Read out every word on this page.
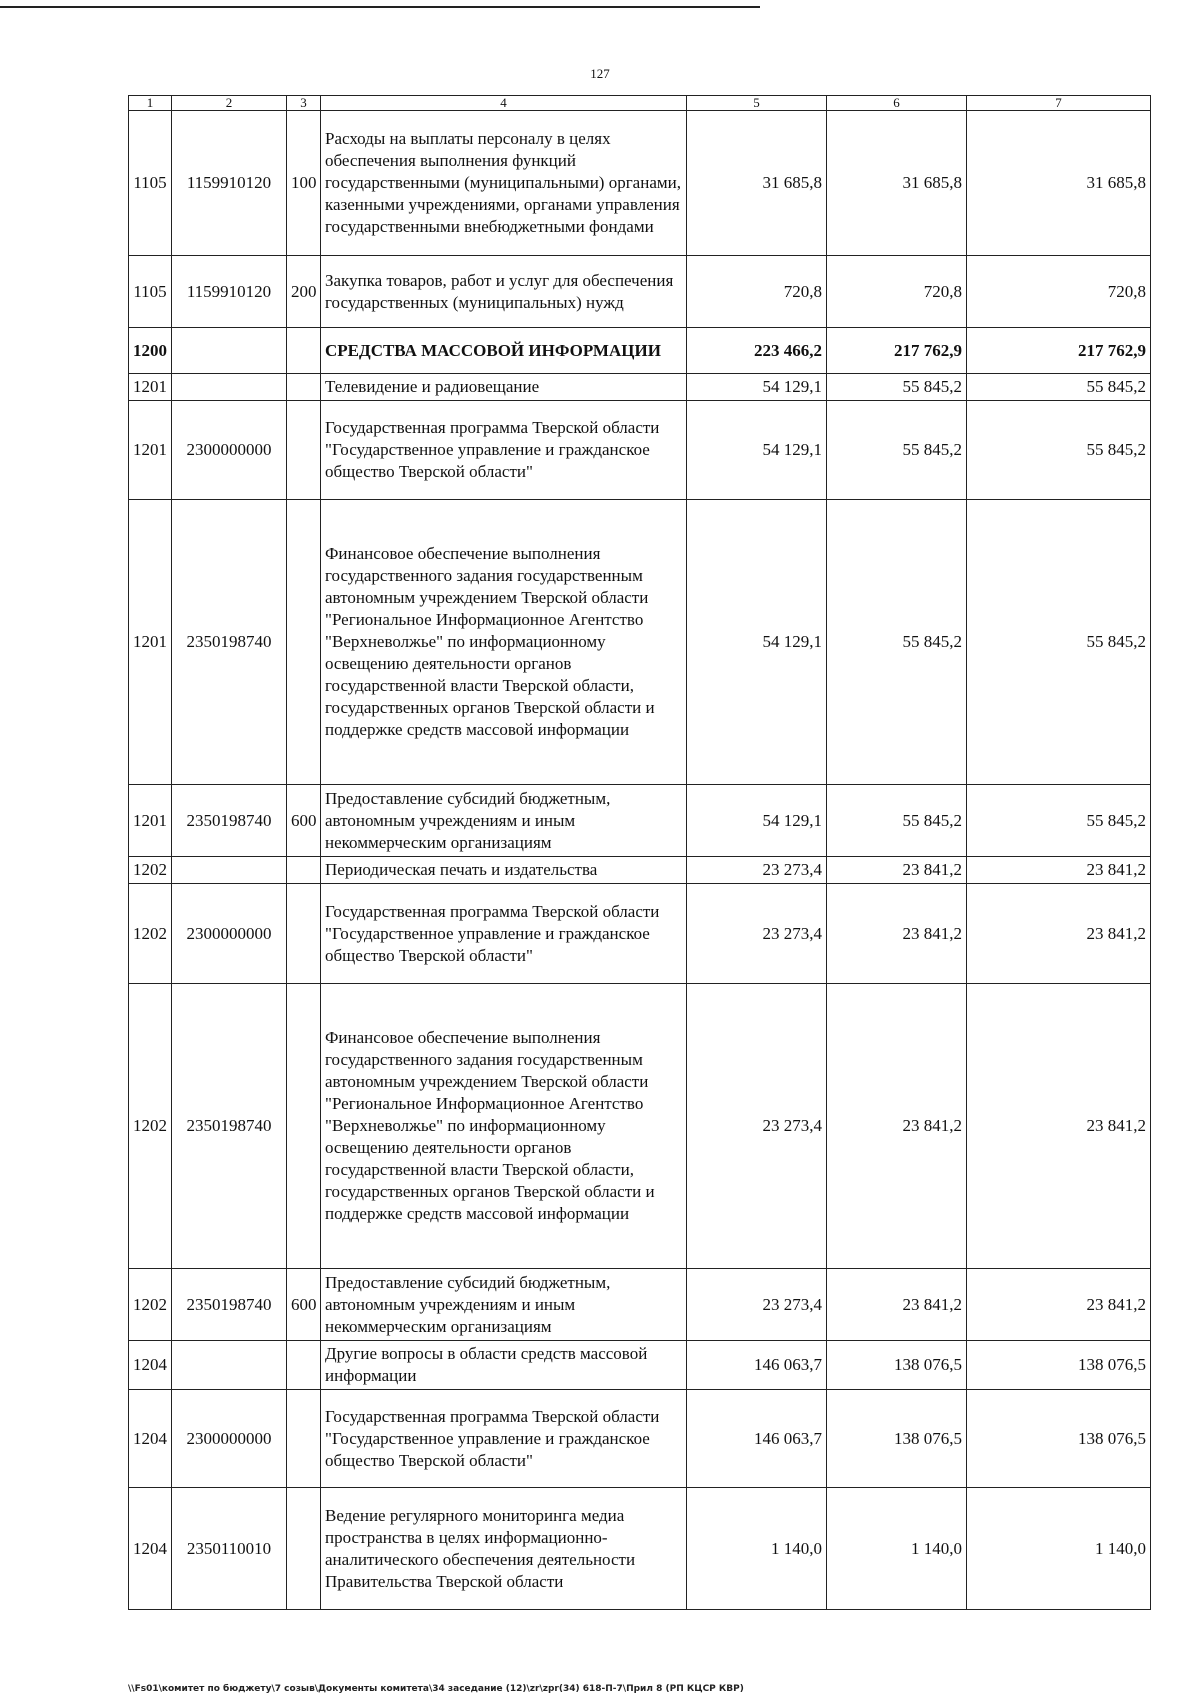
127
1	2	3	4	5	6	7
1105	1159910120	100	Расходы на выплаты персоналу в целях обеспечения выполнения функций государственными (муниципальными) органами, казенными учреждениями, органами управления государственными внебюджетными фондами	31 685,8	31 685,8	31 685,8
1105	1159910120	200	Закупка товаров, работ и услуг для обеспечения государственных (муниципальных) нужд	720,8	720,8	720,8
1200			СРЕДСТВА МАССОВОЙ ИНФОРМАЦИИ	223 466,2	217 762,9	217 762,9
1201			Телевидение и радиовещание	54 129,1	55 845,2	55 845,2
1201	2300000000		Государственная программа Тверской области "Государственное управление и гражданское общество Тверской области"	54 129,1	55 845,2	55 845,2
1201	2350198740		Финансовое обеспечение выполнения государственного задания государственным автономным учреждением Тверской области "Региональное Информационное Агентство "Верхневолжье" по информационному освещению деятельности органов государственной власти Тверской области, государственных органов Тверской области и поддержке средств массовой информации	54 129,1	55 845,2	55 845,2
1201	2350198740	600	Предоставление субсидий бюджетным, автономным учреждениям и иным некоммерческим организациям	54 129,1	55 845,2	55 845,2
1202			Периодическая печать и издательства	23 273,4	23 841,2	23 841,2
1202	2300000000		Государственная программа Тверской области "Государственное управление и гражданское общество Тверской области"	23 273,4	23 841,2	23 841,2
1202	2350198740		Финансовое обеспечение выполнения государственного задания государственным автономным учреждением Тверской области "Региональное Информационное Агентство "Верхневолжье" по информационному освещению деятельности органов государственной власти Тверской области, государственных органов Тверской области и поддержке средств массовой информации	23 273,4	23 841,2	23 841,2
1202	2350198740	600	Предоставление субсидий бюджетным, автономным учреждениям и иным некоммерческим организациям	23 273,4	23 841,2	23 841,2
1204			Другие вопросы в области средств массовой информации	146 063,7	138 076,5	138 076,5
1204	2300000000		Государственная программа Тверской области "Государственное управление и гражданское общество Тверской области"	146 063,7	138 076,5	138 076,5
1204	2350110010		Ведение регулярного мониторинга медиа пространства в целях информационно-аналитического обеспечения деятельности Правительства Тверской области	1 140,0	1 140,0	1 140,0
\\Fs01\комитет по бюджету\7 созыв\Документы комитета\34 заседание (12)\zr\zpr(34) 618-П-7\Прил 8 (РП КЦСР КВР)
